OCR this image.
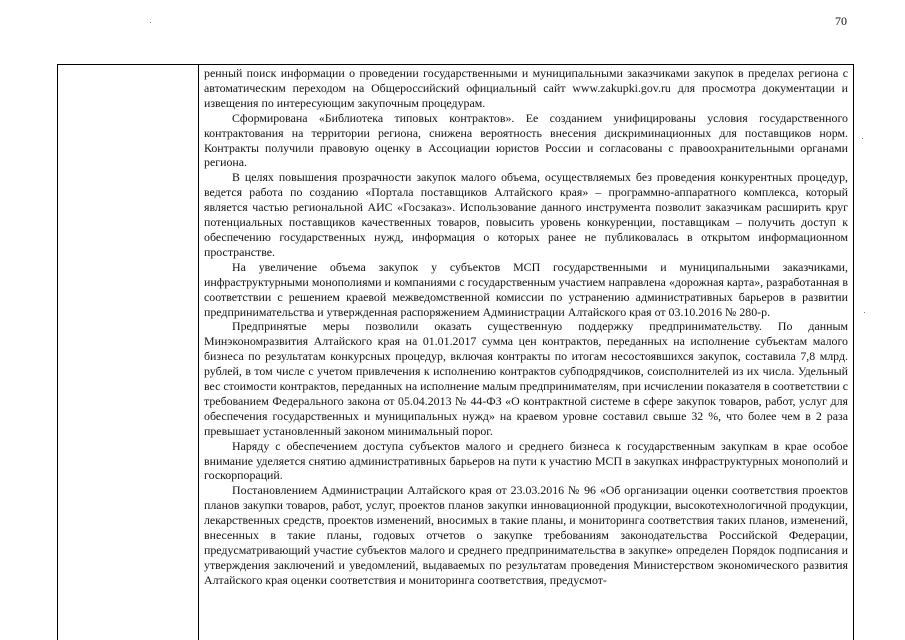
70

ренный поиск информации о проведении государственными и муниципальными заказчиками закупок в пределах региона с автоматическим переходом на Общероссийский официальный сайт www.zakupki.gov.ru для просмотра документации и извещения по интересующим закупочным процедурам.

Сформирована «Библиотека типовых контрактов». Ее созданием унифицированы условия государственного контрактования на территории региона, снижена вероятность внесения дискриминационных для поставщиков норм. Контракты получили правовую оценку в Ассоциации юристов России и согласованы с правоохранительными органами региона.

В целях повышения прозрачности закупок малого объема, осуществляемых без проведения конкурентных процедур, ведется работа по созданию «Портала поставщиков Алтайского края» – программно-аппаратного комплекса, который является частью региональной АИС «Госзаказ». Использование данного инструмента позволит заказчикам расширить круг потенциальных поставщиков качественных товаров, повысить уровень конкуренции, поставщикам – получить доступ к обеспечению государственных нужд, информация о которых ранее не публиковалась в открытом информационном пространстве.

На увеличение объема закупок у субъектов МСП государственными и муниципальными заказчиками, инфраструктурными монополиями и компаниями с государственным участием направлена «дорожная карта», разработанная в соответствии с решением краевой межведомственной комиссии по устранению административных барьеров в развитии предпринимательства и утвержденная распоряжением Администрации Алтайского края от 03.10.2016 № 280-р.

Предпринятые меры позволили оказать существенную поддержку предпринимательству. По данным Минэкономразвития Алтайского края на 01.01.2017 сумма цен контрактов, переданных на исполнение субъектам малого бизнеса по результатам конкурсных процедур, включая контракты по итогам несостоявшихся закупок, составила 7,8 млрд. рублей, в том числе с учетом привлечения к исполнению контрактов субподрядчиков, соисполнителей из их числа. Удельный вес стоимости контрактов, переданных на исполнение малым предпринимателям, при исчислении показателя в соответствии с требованием Федерального закона от 05.04.2013 № 44-ФЗ «О контрактной системе в сфере закупок товаров, работ, услуг для обеспечения государственных и муниципальных нужд» на краевом уровне составил свыше 32 %, что более чем в 2 раза превышает установленный законом минимальный порог.

Наряду с обеспечением доступа субъектов малого и среднего бизнеса к государственным закупкам в крае особое внимание уделяется снятию административных барьеров на пути к участию МСП в закупках инфраструктурных монополий и госкорпораций.

Постановлением Администрации Алтайского края от 23.03.2016 № 96 «Об организации оценки соответствия проектов планов закупки товаров, работ, услуг, проектов планов закупки инновационной продукции, высокотехнологичной продукции, лекарственных средств, проектов изменений, вносимых в такие планы, и мониторинга соответствия таких планов, изменений, внесенных в такие планы, годовых отчетов о закупке требованиям законодательства Российской Федерации, предусматривающий участие субъектов малого и среднего предпринимательства в закупке» определен Порядок подписания и утверждения заключений и уведомлений, выдаваемых по результатам проведения Министерством экономического развития Алтайского края оценки соответствия и мониторинга соответствия, предусмот-
